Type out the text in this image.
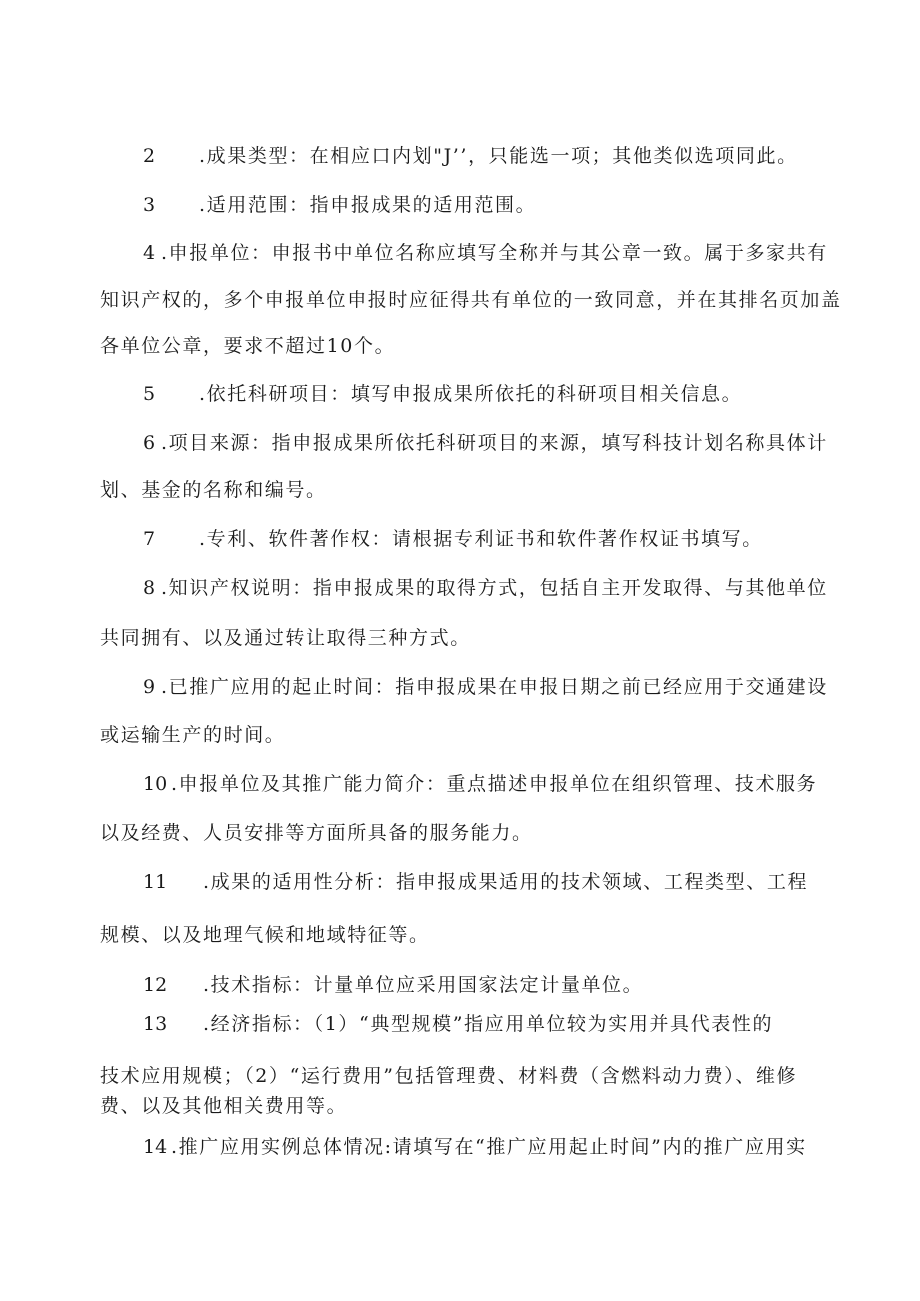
2 .成果类型：在相应口内划"J’’，只能选一项；其他类似选项同此。
3 .适用范围：指申报成果的适用范围。
4 .申报单位：申报书中单位名称应填写全称并与其公章一致。属于多家共有
知识产权的，多个申报单位申报时应征得共有单位的一致同意，并在其排名页加盖
各单位公章，要求不超过10个。
5 .依托科研项目：填写申报成果所依托的科研项目相关信息。
6 .项目来源：指申报成果所依托科研项目的来源，填写科技计划名称具体计
划、基金的名称和编号。
7 .专利、软件著作权：请根据专利证书和软件著作权证书填写。
8 .知识产权说明：指申报成果的取得方式，包括自主开发取得、与其他单位
共同拥有、以及通过转让取得三种方式。
9 .已推广应用的起止时间：指申报成果在申报日期之前已经应用于交通建设
或运输生产的时间。
10 .申报单位及其推广能力简介：重点描述申报单位在组织管理、技术服务
以及经费、人员安排等方面所具备的服务能力。
11 .成果的适用性分析：指申报成果适用的技术领域、工程类型、工程
规模、以及地理气候和地域特征等。
12 .技术指标：计量单位应采用国家法定计量单位。
13 .经济指标：（1）“典型规模”指应用单位较为实用并具代表性的
技术应用规模；（2）“运行费用”包括管理费、材料费（含燃料动力费）、维修
费、以及其他相关费用等。
14 .推广应用实例总体情况:请填写在“推广应用起止时间”内的推广应用实
